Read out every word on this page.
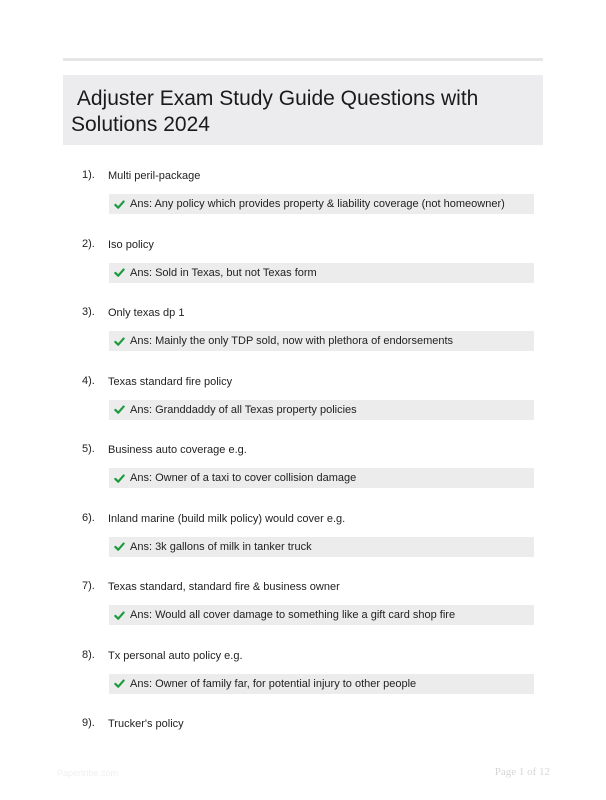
Adjuster Exam Study Guide Questions with
Solutions 2024
1). Multi peril-package
Ans: Any policy which provides property & liability coverage (not homeowner)
2). Iso policy
Ans: Sold in Texas, but not Texas form
3). Only texas dp 1
Ans: Mainly the only TDP sold, now with plethora of endorsements
4). Texas standard fire policy
Ans: Granddaddy of all Texas property policies
5). Business auto coverage e.g.
Ans: Owner of a taxi to cover collision damage
6). Inland marine (build milk policy) would cover e.g.
Ans: 3k gallons of milk in tanker truck
7). Texas standard, standard fire & business owner
Ans: Would all cover damage to something like a gift card shop fire
8). Tx personal auto policy e.g.
Ans: Owner of family far, for potential injury to other people
9). Trucker's policy
Papertribe.com	Page 1 of 12
